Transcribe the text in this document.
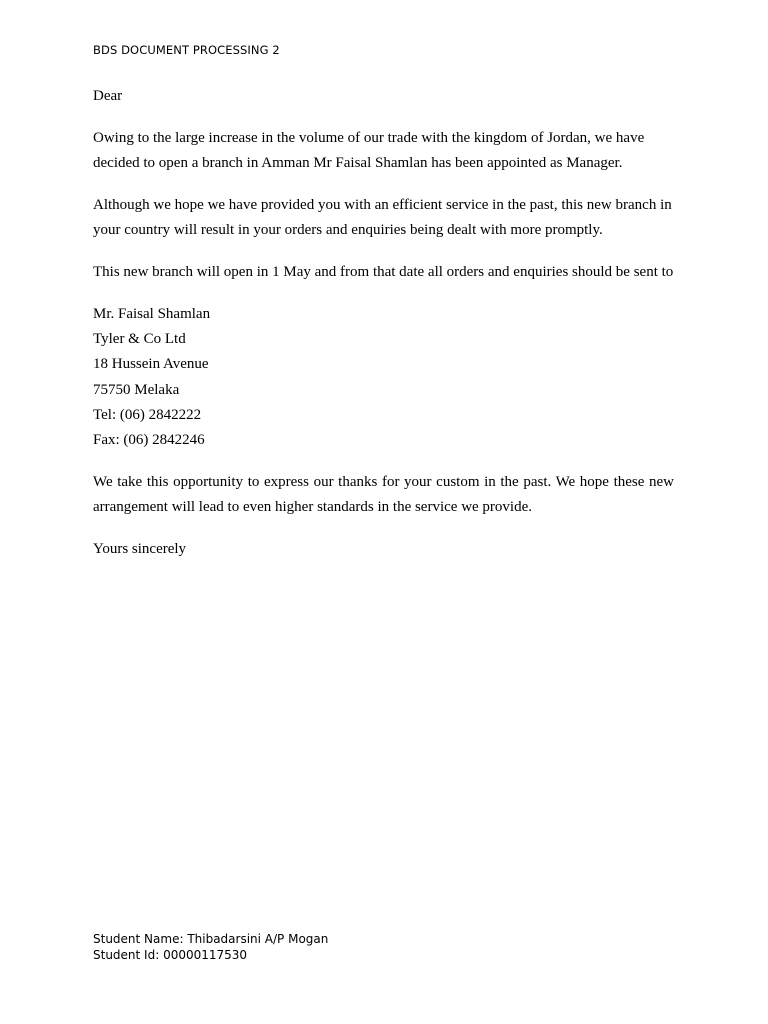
BDS DOCUMENT PROCESSING 2

Dear

Owing to the large increase in the volume of our trade with the kingdom of Jordan, we have decided to open a branch in Amman Mr Faisal Shamlan has been appointed as Manager.

Although we hope we have provided you with an efficient service in the past, this new branch in your country will result in your orders and enquiries being dealt with more promptly.

This new branch will open in 1 May and from that date all orders and enquiries should be sent to

Mr. Faisal Shamlan
Tyler & Co Ltd
18 Hussein Avenue
75750 Melaka
Tel: (06) 2842222
Fax: (06) 2842246

We take this opportunity to express our thanks for your custom in the past. We hope these new arrangement will lead to even higher standards in the service we provide.

Yours sincerely

Student Name: Thibadarsini A/P Mogan
Student Id: 00000117530
